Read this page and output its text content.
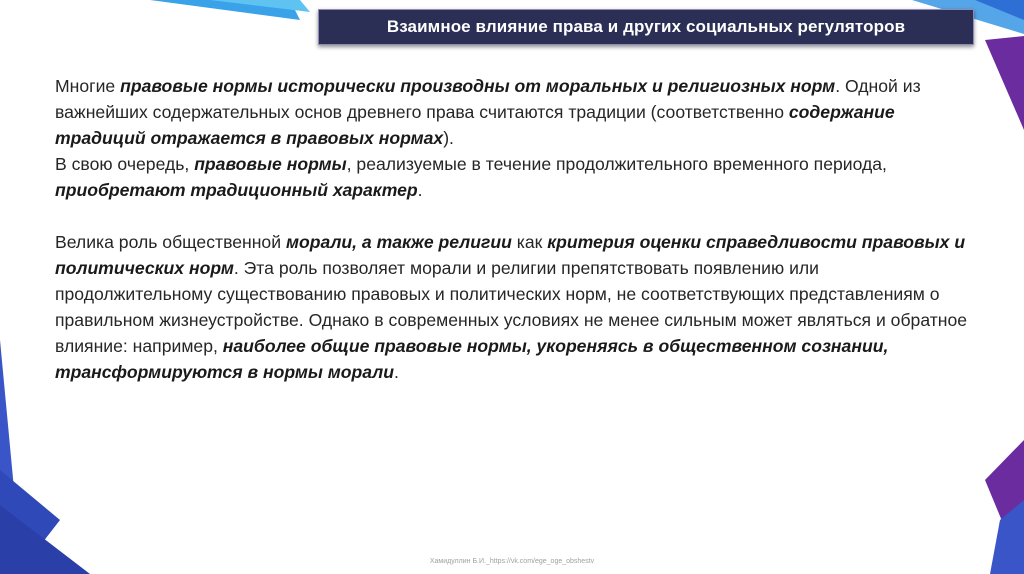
Взаимное влияние права и других социальных регуляторов

Многие правовые нормы исторически производны от моральных и религиозных норм. Одной из важнейших содержательных основ древнего права считаются традиции (соответственно содержание традиций отражается в правовых нормах).

В свою очередь, правовые нормы, реализуемые в течение продолжительного временного периода, приобретают традиционный характер.

Велика роль общественной морали, а также религии как критерия оценки справедливости правовых и политических норм. Эта роль позволяет морали и религии препятствовать появлению или продолжительному существованию правовых и политических норм, не соответствующих представлениям о правильном жизнеустройстве. Однако в современных условиях не менее сильным может являться и обратное влияние: например, наиболее общие правовые нормы, укореняясь в общественном сознании, трансформируются в нормы морали.

Хамидуллин Б.И._https://vk.com/ege_oge_obshestv
